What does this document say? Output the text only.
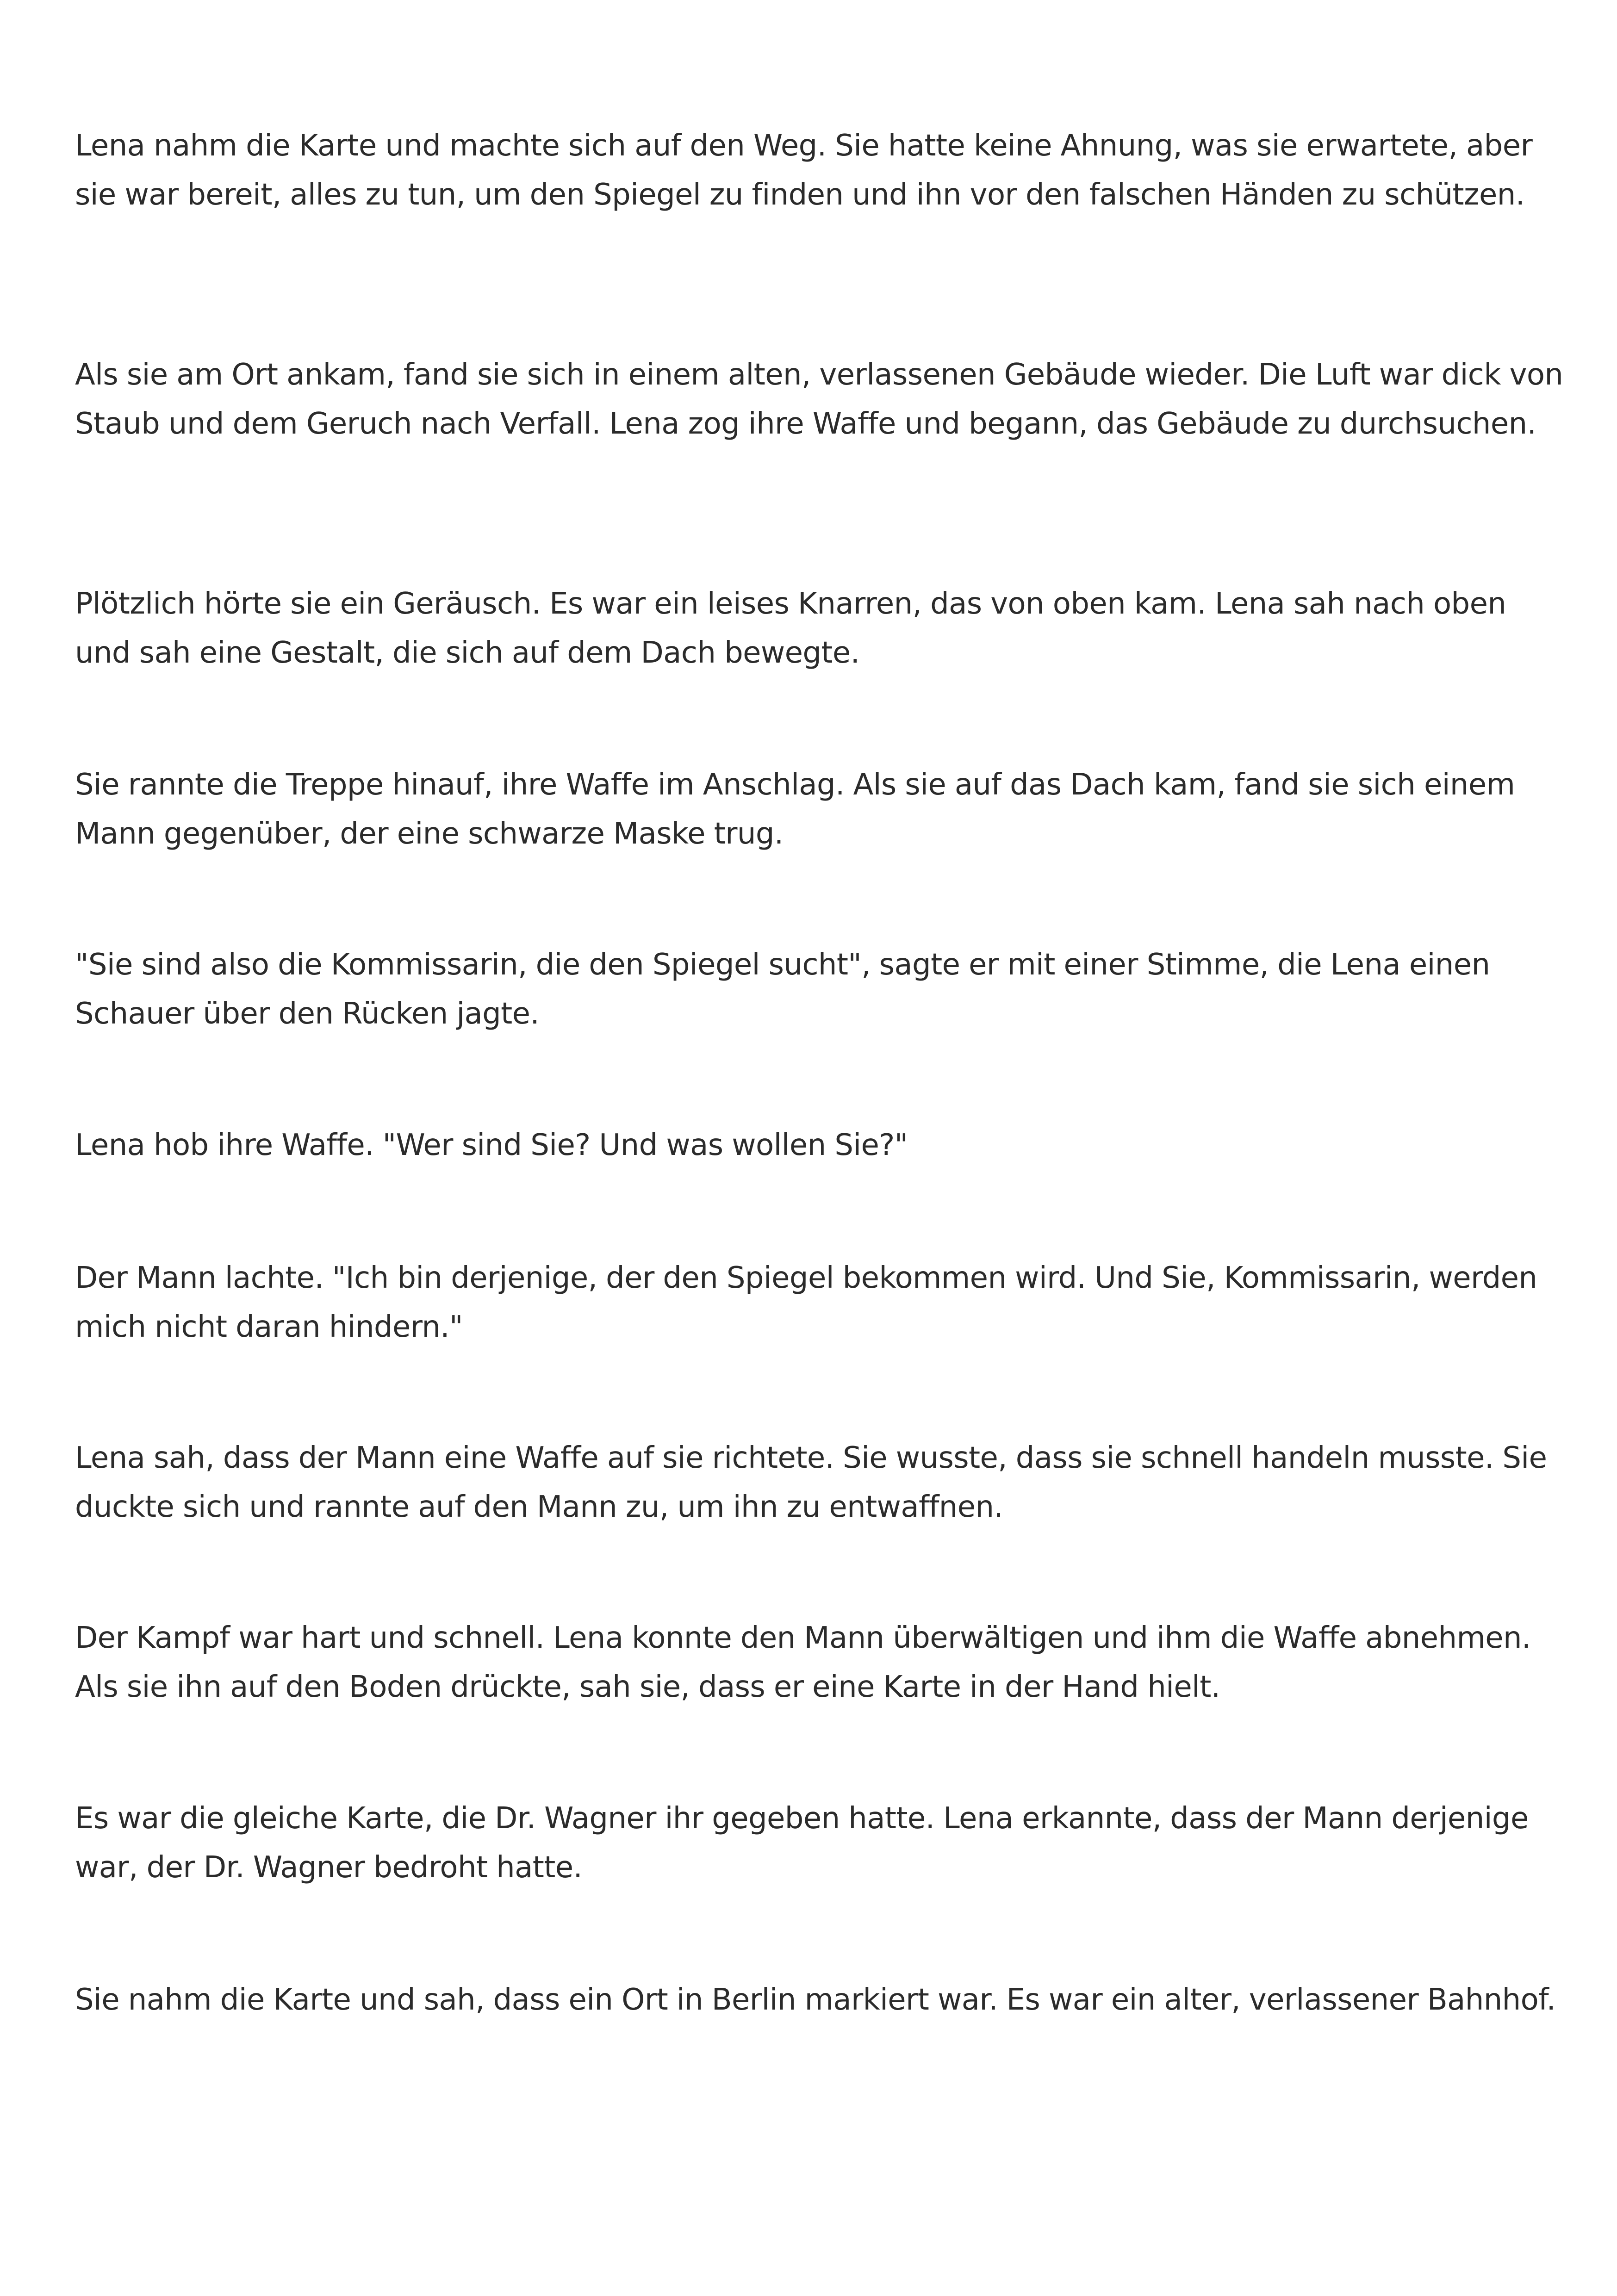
Lena nahm die Karte und machte sich auf den Weg. Sie hatte keine Ahnung, was sie erwartete, aber sie war bereit, alles zu tun, um den Spiegel zu finden und ihn vor den falschen Händen zu schützen.

Als sie am Ort ankam, fand sie sich in einem alten, verlassenen Gebäude wieder. Die Luft war dick von Staub und dem Geruch nach Verfall. Lena zog ihre Waffe und begann, das Gebäude zu durchsuchen.

Plötzlich hörte sie ein Geräusch. Es war ein leises Knarren, das von oben kam. Lena sah nach oben und sah eine Gestalt, die sich auf dem Dach bewegte.

Sie rannte die Treppe hinauf, ihre Waffe im Anschlag. Als sie auf das Dach kam, fand sie sich einem Mann gegenüber, der eine schwarze Maske trug.

"Sie sind also die Kommissarin, die den Spiegel sucht", sagte er mit einer Stimme, die Lena einen Schauer über den Rücken jagte.

Lena hob ihre Waffe. "Wer sind Sie? Und was wollen Sie?"

Der Mann lachte. "Ich bin derjenige, der den Spiegel bekommen wird. Und Sie, Kommissarin, werden mich nicht daran hindern."

Lena sah, dass der Mann eine Waffe auf sie richtete. Sie wusste, dass sie schnell handeln musste. Sie duckte sich und rannte auf den Mann zu, um ihn zu entwaffnen.

Der Kampf war hart und schnell. Lena konnte den Mann überwältigen und ihm die Waffe abnehmen. Als sie ihn auf den Boden drückte, sah sie, dass er eine Karte in der Hand hielt.

Es war die gleiche Karte, die Dr. Wagner ihr gegeben hatte. Lena erkannte, dass der Mann derjenige war, der Dr. Wagner bedroht hatte.

Sie nahm die Karte und sah, dass ein Ort in Berlin markiert war. Es war ein alter, verlassener Bahnhof.
